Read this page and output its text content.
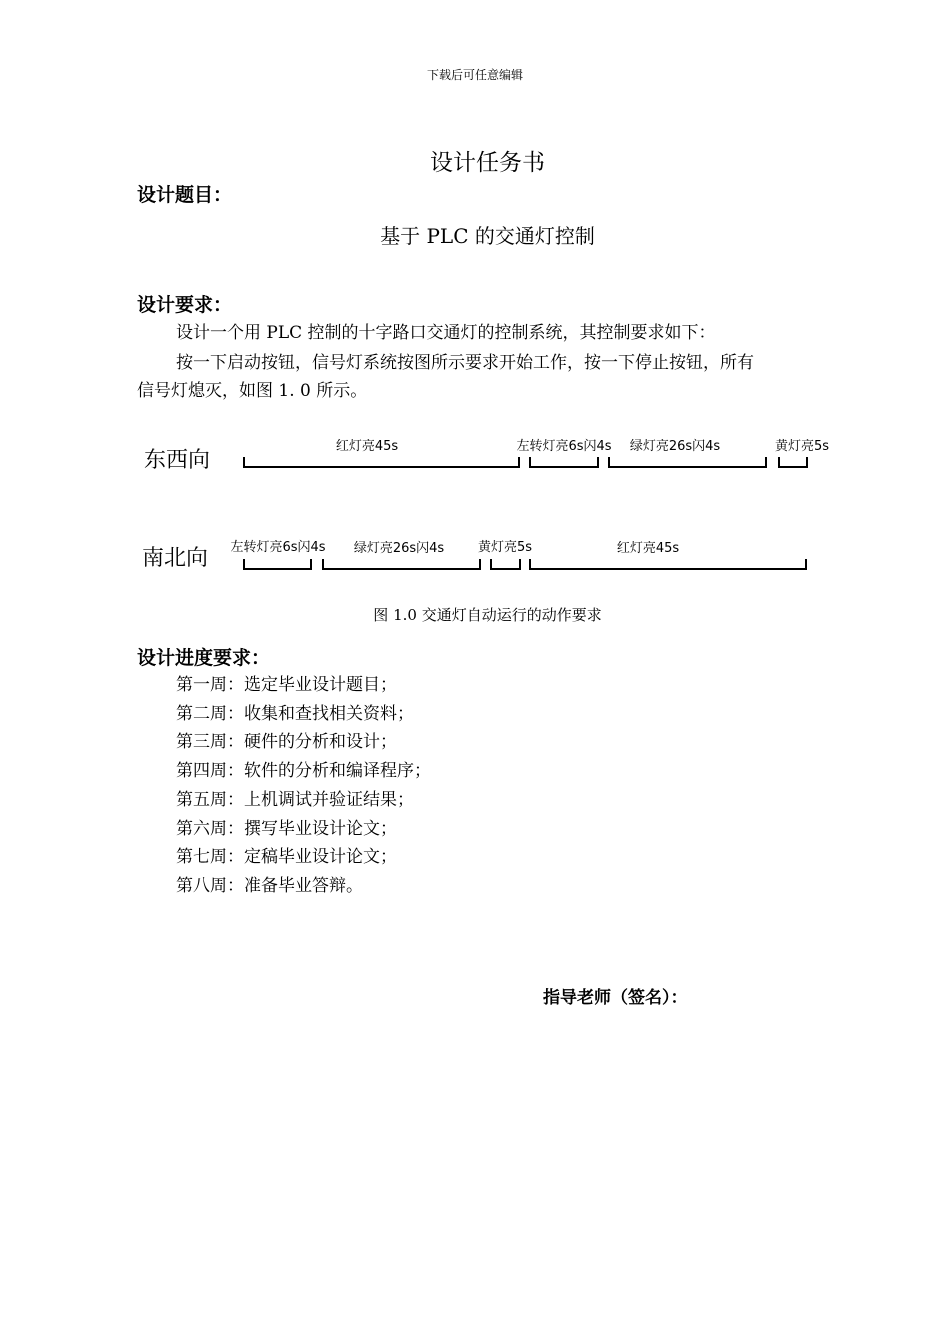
下载后可任意编辑
设计任务书
设计题目：
基于 PLC 的交通灯控制
设计要求：
设计一个用 PLC 控制的十字路口交通灯的控制系统，其控制要求如下：
按一下启动按钮，信号灯系统按图所示要求开始工作，按一下停止按钮，所有
信号灯熄灭，如图 1. 0 所示。
东西向
红灯亮45s	左转灯亮6s闪4s 绿灯亮26s闪4s	黄灯亮5s
南北向 左转灯亮6s闪4s 绿灯亮26s闪4s	黄灯亮5s	红灯亮45s
图 1.0 交通灯自动运行的动作要求
设计进度要求：
第一周：选定毕业设计题目；
第二周：收集和查找相关资料；
第三周：硬件的分析和设计；
第四周：软件的分析和编译程序；
第五周：上机调试并验证结果；
第六周：撰写毕业设计论文；
第七周：定稿毕业设计论文；
第八周：准备毕业答辩。
指导老师（签名）：
